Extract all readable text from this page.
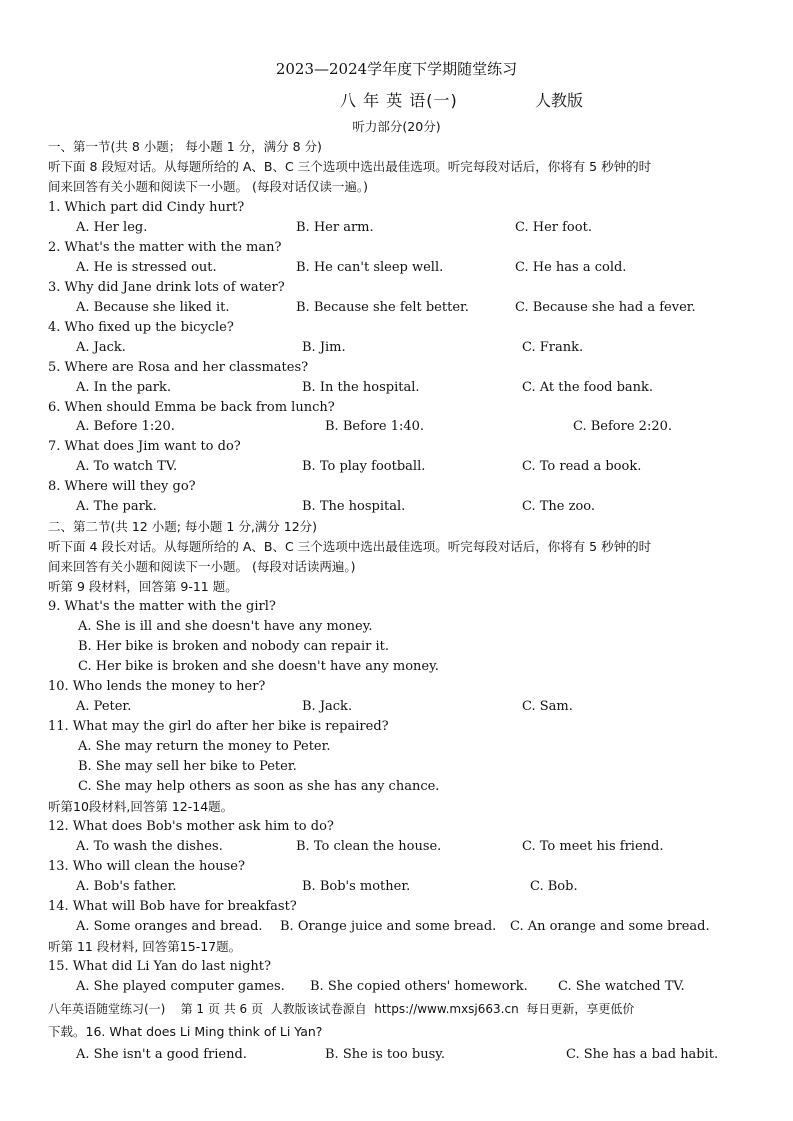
2023—2024学年度下学期随堂练习
八 年 英 语(一)	人教版
听力部分(20分)
一、第一节(共 8 小题； 每小题 1 分，满分 8 分)
听下面 8 段短对话。从每题所给的 A、B、C 三个选项中选出最佳选项。听完每段对话后，你将有 5 秒钟的时
间来回答有关小题和阅读下一小题。 (每段对话仅读一遍。)
1. Which part did Cindy hurt?
A. Her leg.	B. Her arm.	C. Her foot.
2. What's the matter with the man?
A. He is stressed out.	B. He can't sleep well.	C. He has a cold.
3. Why did Jane drink lots of water?
A. Because she liked it.	B. Because she felt better.	C. Because she had a fever.
4. Who fixed up the bicycle?
A. Jack.	B. Jim.	C. Frank.
5. Where are Rosa and her classmates?
A. In the park.	B. In the hospital.	C. At the food bank.
6. When should Emma be back from lunch?
A. Before 1:20.	B. Before 1:40.	C. Before 2:20.
7. What does Jim want to do?
A. To watch TV.	B. To play football.	C. To read a book.
8. Where will they go?
A. The park.	B. The hospital.	C. The zoo.
二、第二节(共 12 小题; 每小题 1 分,满分 12分)
听下面 4 段长对话。从每题所给的 A、B、C 三个选项中选出最佳选项。听完每段对话后，你将有 5 秒钟的时
间来回答有关小题和阅读下一小题。 (每段对话读两遍。)
听第 9 段材料，回答第 9-11 题。
9. What's the matter with the girl?
A. She is ill and she doesn't have any money.
B. Her bike is broken and nobody can repair it.
C. Her bike is broken and she doesn't have any money.
10. Who lends the money to her?
A. Peter.	B. Jack.	C. Sam.
11. What may the girl do after her bike is repaired?
A. She may return the money to Peter.
B. She may sell her bike to Peter.
C. She may help others as soon as she has any chance.
听第10段材料,回答第 12-14题。
12. What does Bob's mother ask him to do?
A. To wash the dishes.	B. To clean the house.	C. To meet his friend.
13. Who will clean the house?
A. Bob's father.	B. Bob's mother.	C. Bob.
14. What will Bob have for breakfast?
A. Some oranges and bread. B. Orange juice and some bread. C. An orange and some bread.
听第 11 段材料, 回答第15-17题。
15. What did Li Yan do last night?
A. She played computer games. B. She copied others' homework. C. She watched TV.
八年英语随堂练习(一)    第 1 页 共 6 页  人教版该试卷源自  https://www.mxsj663.cn  每日更新，享更低价
下载。16. What does Li Ming think of Li Yan?
A. She isn't a good friend.	B. She is too busy.	C. She has a bad habit.
